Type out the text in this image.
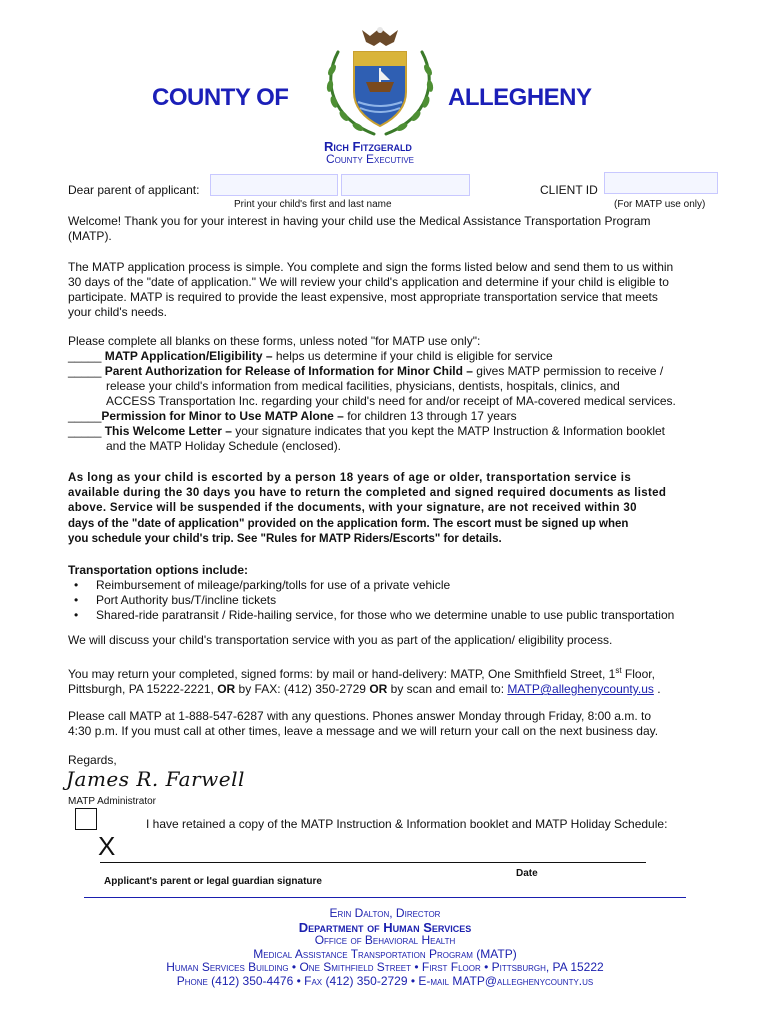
COUNTY OF	ALLEGHENY
Rich Fitzgerald
County Executive
Dear parent of applicant:
Print your child's first and last name
CLIENT ID
(For MATP use only)
Welcome! Thank you for your interest in having your child use the Medical Assistance Transportation Program
(MATP).
The MATP application process is simple. You complete and sign the forms listed below and send them to us within
30 days of the "date of application." We will review your child's application and determine if your child is eligible to
participate. MATP is required to provide the least expensive, most appropriate transportation service that meets
your child's needs.
Please complete all blanks on these forms, unless noted "for MATP use only":
_____ MATP Application/Eligibility – helps us determine if your child is eligible for service
_____ Parent Authorization for Release of Information for Minor Child – gives MATP permission to receive /
release your child's information from medical facilities, physicians, dentists, hospitals, clinics, and
ACCESS Transportation Inc. regarding your child's need for and/or receipt of MA-covered medical services.
_____Permission for Minor to Use MATP Alone – for children 13 through 17 years
_____ This Welcome Letter – your signature indicates that you kept the MATP Instruction & Information booklet
and the MATP Holiday Schedule (enclosed).
As long as your child is escorted by a person 18 years of age or older, transportation service is
available during the 30 days you have to return the completed and signed required documents as listed
above. Service will be suspended if the documents, with your signature, are not received within 30
days of the "date of application" provided on the application form. The escort must be signed up when
you schedule your child's trip. See "Rules for MATP Riders/Escorts" for details.
Transportation options include:
• Reimbursement of mileage/parking/tolls for use of a private vehicle
• Port Authority bus/T/incline tickets
• Shared-ride paratransit / Ride-hailing service, for those who we determine unable to use public transportation
We will discuss your child's transportation service with you as part of the application/ eligibility process.
You may return your completed, signed forms: by mail or hand-delivery: MATP, One Smithfield Street, 1st Floor,
Pittsburgh, PA 15222-2221, OR by FAX: (412) 350-2729 OR by scan and email to: MATP@alleghenycounty.us .
Please call MATP at 1-888-547-6287 with any questions. Phones answer Monday through Friday, 8:00 a.m. to
4:30 p.m. If you must call at other times, leave a message and we will return your call on the next business day.
Regards,
James R. Farwell
MATP Administrator
I have retained a copy of the MATP Instruction & Information booklet and MATP Holiday Schedule:
X
Applicant's parent or legal guardian signature
Date
Erin Dalton, Director
Department of Human Services
Office of Behavioral Health
Medical Assistance Transportation Program (MATP)
Human Services Building • One Smithfield Street • First Floor • Pittsburgh, PA 15222
Phone (412) 350-4476 • Fax (412) 350-2729 • E-mail MATP@alleghenycounty.us
